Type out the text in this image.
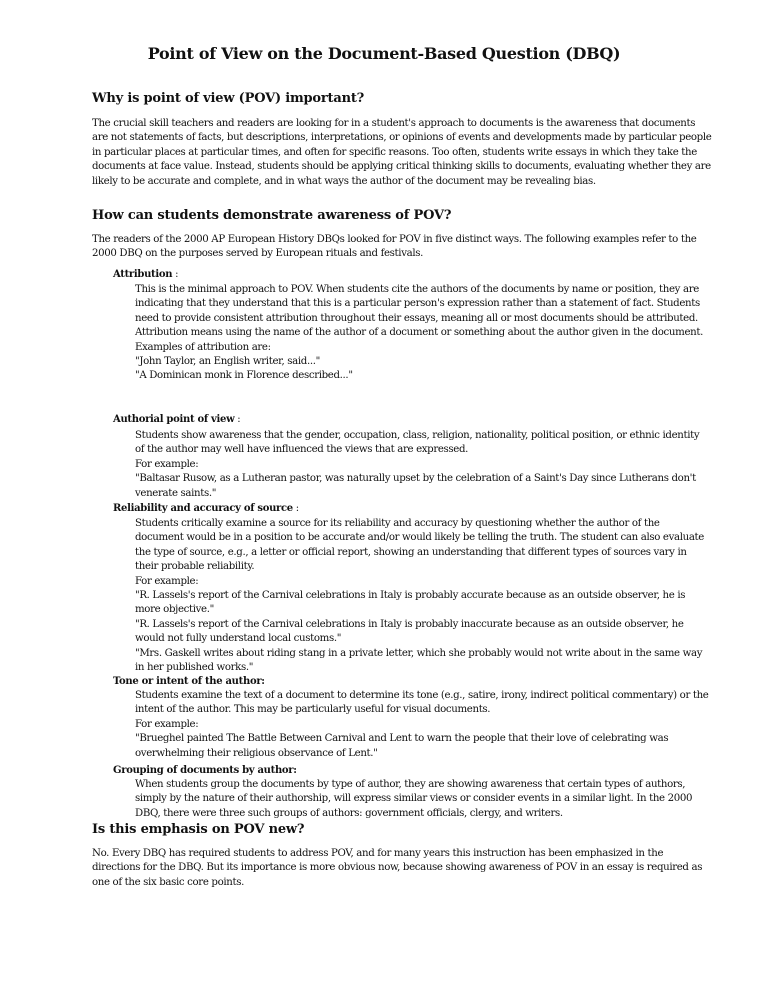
Point of View on the Document-Based Question (DBQ)
Why is point of view (POV) important?
The crucial skill teachers and readers are looking for in a student's approach to documents is the awareness that documents are not statements of facts, but descriptions, interpretations, or opinions of events and developments made by particular people in particular places at particular times, and often for specific reasons. Too often, students write essays in which they take the documents at face value. Instead, students should be applying critical thinking skills to documents, evaluating whether they are likely to be accurate and complete, and in what ways the author of the document may be revealing bias.
How can students demonstrate awareness of POV?
The readers of the 2000 AP European History DBQs looked for POV in five distinct ways. The following examples refer to the 2000 DBQ on the purposes served by European rituals and festivals.
Attribution :
This is the minimal approach to POV. When students cite the authors of the documents by name or position, they are indicating that they understand that this is a particular person's expression rather than a statement of fact. Students need to provide consistent attribution throughout their essays, meaning all or most documents should be attributed. Attribution means using the name of the author of a document or something about the author given in the document.
Examples of attribution are:
"John Taylor, an English writer, said..."
"A Dominican monk in Florence described..."
Authorial point of view :
Students show awareness that the gender, occupation, class, religion, nationality, political position, or ethnic identity of the author may well have influenced the views that are expressed.
For example:
"Baltasar Rusow, as a Lutheran pastor, was naturally upset by the celebration of a Saint's Day since Lutherans don't venerate saints."
Reliability and accuracy of source :
Students critically examine a source for its reliability and accuracy by questioning whether the author of the document would be in a position to be accurate and/or would likely be telling the truth. The student can also evaluate the type of source, e.g., a letter or official report, showing an understanding that different types of sources vary in their probable reliability.
For example:
"R. Lassels's report of the Carnival celebrations in Italy is probably accurate because as an outside observer, he is more objective."
"R. Lassels's report of the Carnival celebrations in Italy is probably inaccurate because as an outside observer, he would not fully understand local customs."
"Mrs. Gaskell writes about riding stang in a private letter, which she probably would not write about in the same way in her published works."
Tone or intent of the author:
Students examine the text of a document to determine its tone (e.g., satire, irony, indirect political commentary) or the intent of the author. This may be particularly useful for visual documents.
For example:
"Brueghel painted The Battle Between Carnival and Lent to warn the people that their love of celebrating was overwhelming their religious observance of Lent."
Grouping of documents by author:
When students group the documents by type of author, they are showing awareness that certain types of authors, simply by the nature of their authorship, will express similar views or consider events in a similar light. In the 2000 DBQ, there were three such groups of authors: government officials, clergy, and writers.
Is this emphasis on POV new?
No. Every DBQ has required students to address POV, and for many years this instruction has been emphasized in the directions for the DBQ. But its importance is more obvious now, because showing awareness of POV in an essay is required as one of the six basic core points.
